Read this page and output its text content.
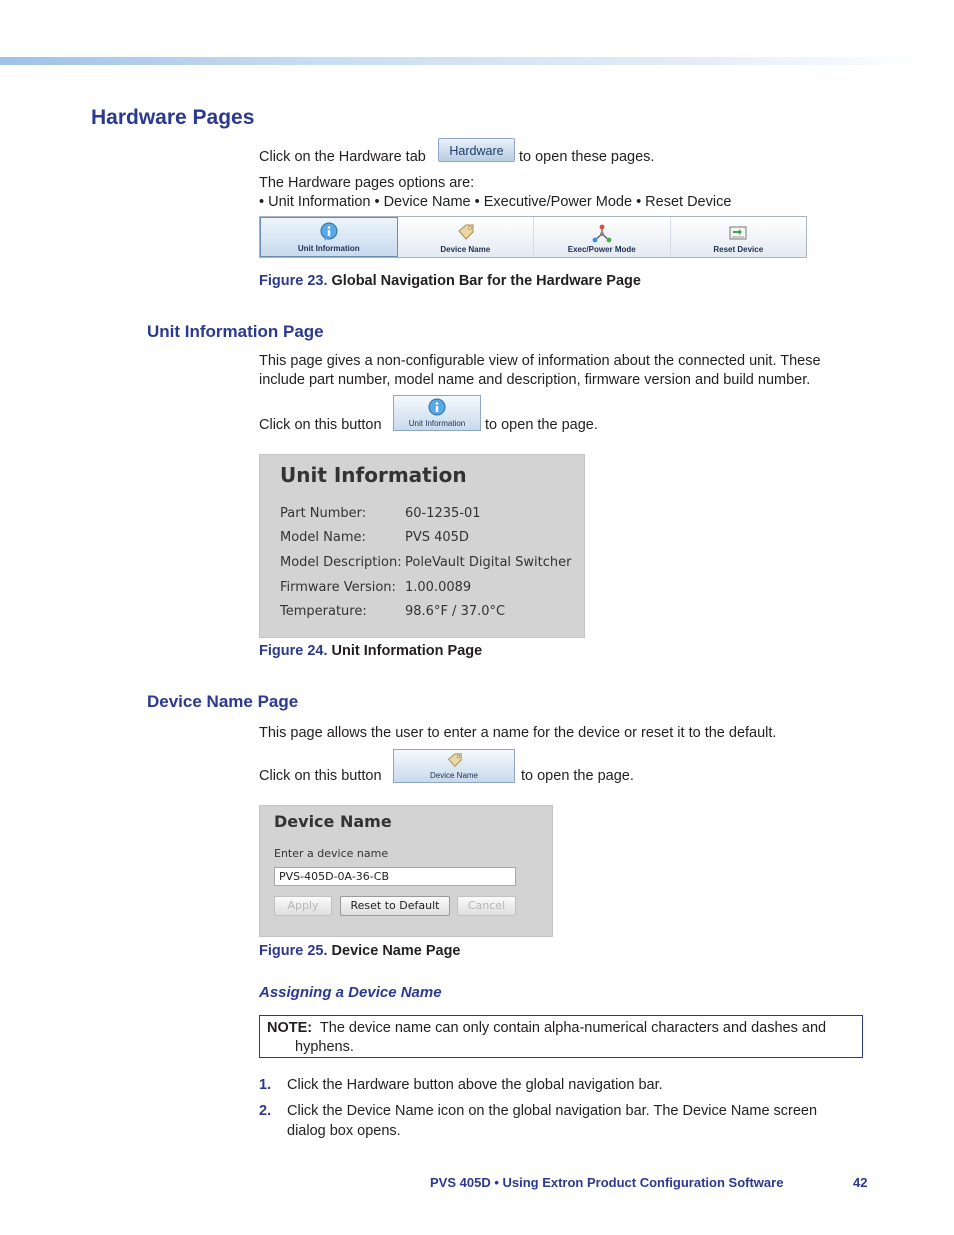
Hardware Pages

Click on the Hardware tab	Hardware	to open these pages.

The Hardware pages options are:

• Unit Information • Device Name • Executive/Power Mode • Reset Device

Unit Information	Device Name	Exec/Power Mode	Reset Device
Figure 23. Global Navigation Bar for the Hardware Page
Unit Information Page

This page gives a non-configurable view of information about the connected unit. These include part number, model name and description, firmware version and build number.

Click on this button	Unit Information to open the page.

Unit Information
Part Number:	60-1235-01
Model Name:	PVS 405D
Model Description: PoleVault Digital Switcher
Firmware Version: 1.00.0089
Temperature:	98.6°F / 37.0°C
Figure 24. Unit Information Page
Device Name Page

This page allows the user to enter a name for the device or reset it to the default.

Click on this button	Device Name	to open the page.

Device Name
Enter a device name
PVS-405D-0A-36-CB
Apply	Reset to Default	Cancel
Figure 25. Device Name Page
Assigning a Device Name
NOTE: The device name can only contain alpha-numerical characters and dashes and hyphens.
1. Click the Hardware button above the global navigation bar.
2. Click the Device Name icon on the global navigation bar. The Device Name screen dialog box opens.
PVS 405D • Using Extron Product Configuration Software	42
